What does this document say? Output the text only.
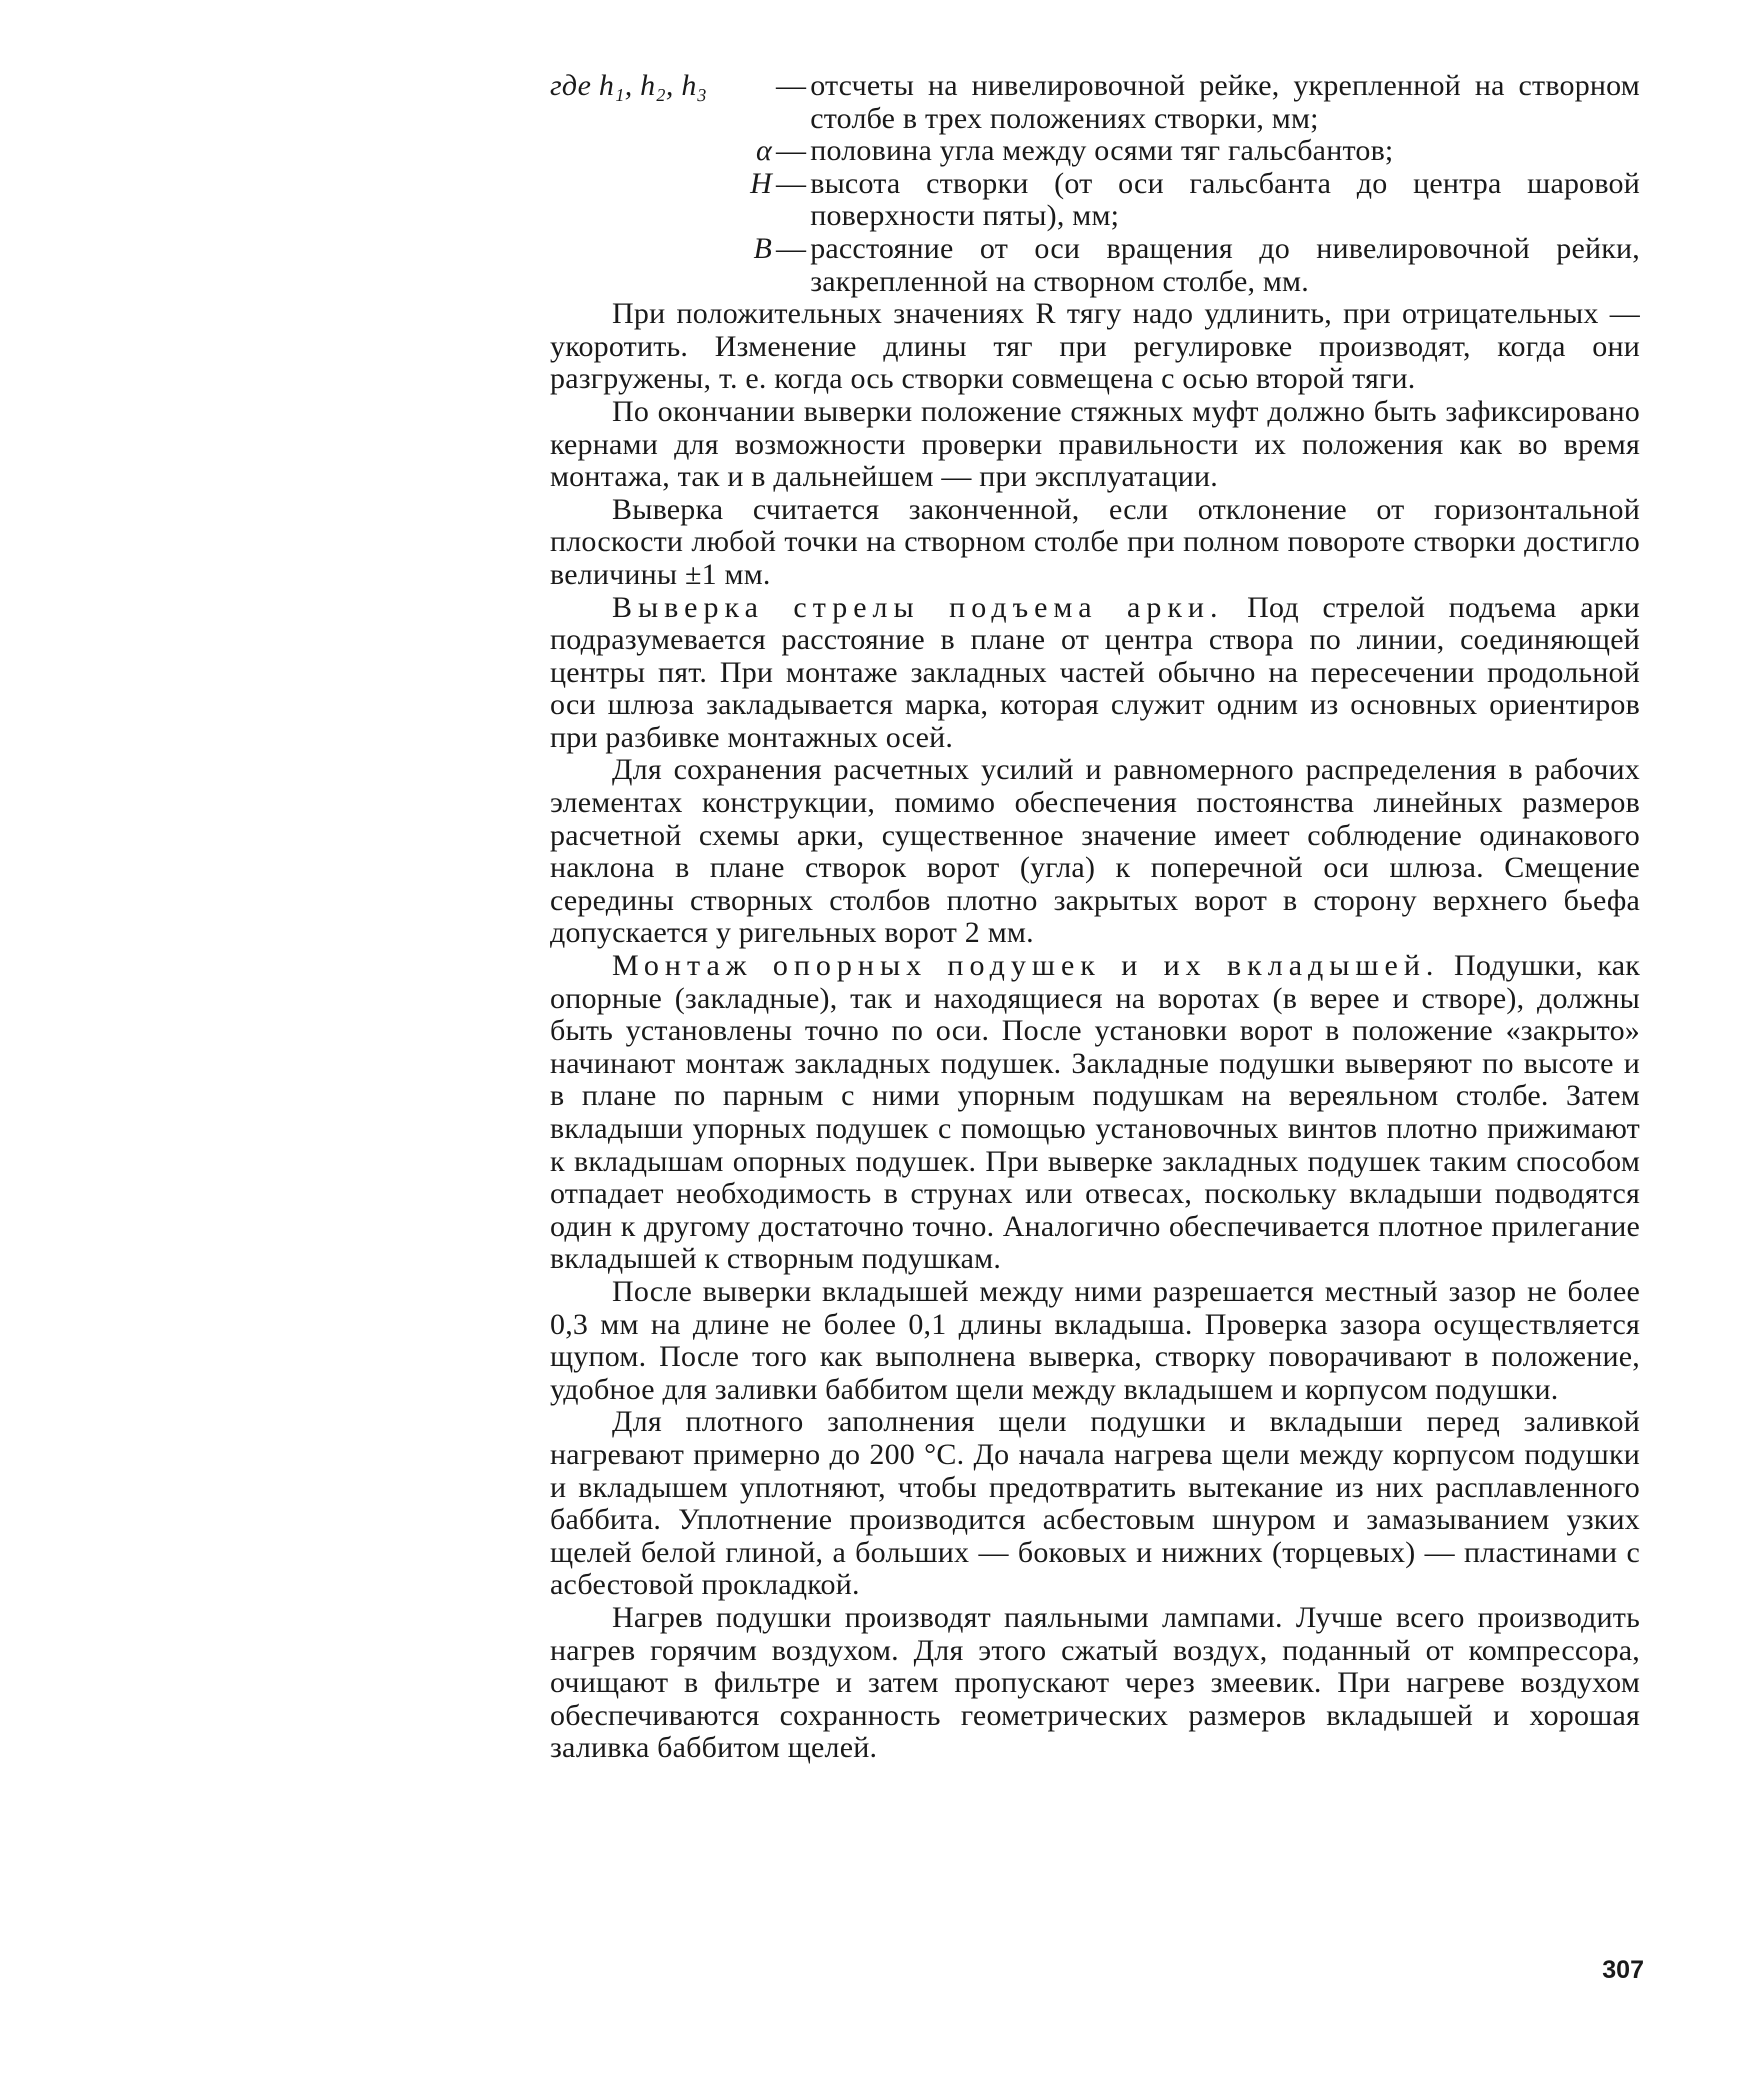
где h₁, h₂, h₃	— отсчеты на нивелировочной рейке, укрепленной на створном столбе в трех положениях створки, мм;
α — половина угла между осями тяг гальсбантов;
H — высота створки (от оси гальсбанта до центра шаровой поверхности пяты), мм;
B — расстояние от оси вращения до нивелировочной рейки, закрепленной на створном столбе, мм.

При положительных значениях R тягу надо удлинить, при отрицательных — укоротить. Изменение длины тяг при регулировке производят, когда они разгружены, т. е. когда ось створки совмещена с осью второй тяги.

По окончании выверки положение стяжных муфт должно быть зафиксировано кернами для возможности проверки правильности их положения как во время монтажа, так и в дальнейшем — при эксплуатации.

Выверка считается законченной, если отклонение от горизонтальной плоскости любой точки на створном столбе при полном повороте створки достигло величины ±1 мм.

Выверка стрелы подъема арки. Под стрелой подъема арки подразумевается расстояние в плане от центра створа по линии, соединяющей центры пят. При монтаже закладных частей обычно на пересечении продольной оси шлюза закладывается марка, которая служит одним из основных ориентиров при разбивке монтажных осей.

Для сохранения расчетных усилий и равномерного распределения в рабочих элементах конструкции, помимо обеспечения постоянства линейных размеров расчетной схемы арки, существенное значение имеет соблюдение одинакового наклона в плане створок ворот (угла) к поперечной оси шлюза. Смещение середины створных столбов плотно закрытых ворот в сторону верхнего бьефа допускается у ригельных ворот 2 мм.

Монтаж опорных подушек и их вкладышей. Подушки, как опорные (закладные), так и находящиеся на воротах (в верее и створе), должны быть установлены точно по оси. После установки ворот в положение «закрыто» начинают монтаж закладных подушек. Закладные подушки выверяют по высоте и в плане по парным с ними упорным подушкам на вереяльном столбе. Затем вкладыши упорных подушек с помощью установочных винтов плотно прижимают к вкладышам опорных подушек. При выверке закладных подушек таким способом отпадает необходимость в струнах или отвесах, поскольку вкладыши подводятся один к другому достаточно точно. Аналогично обеспечивается плотное прилегание вкладышей к створным подушкам.

После выверки вкладышей между ними разрешается местный зазор не более 0,3 мм на длине не более 0,1 длины вкладыша. Проверка зазора осуществляется щупом. После того как выполнена выверка, створку поворачивают в положение, удобное для заливки баббитом щели между вкладышем и корпусом подушки.

Для плотного заполнения щели подушки и вкладыши перед заливкой нагревают примерно до 200 °С. До начала нагрева щели между корпусом подушки и вкладышем уплотняют, чтобы предотвратить вытекание из них расплавленного баббита. Уплотнение производится асбестовым шнуром и замазыванием узких щелей белой глиной, а больших — боковых и нижних (торцевых) — пластинами с асбестовой прокладкой.

Нагрев подушки производят паяльными лампами. Лучше всего производить нагрев горячим воздухом. Для этого сжатый воздух, поданный от компрессора, очищают в фильтре и затем пропускают через змеевик. При нагреве воздухом обеспечиваются сохранность геометрических размеров вкладышей и хорошая заливка баббитом щелей.

307
